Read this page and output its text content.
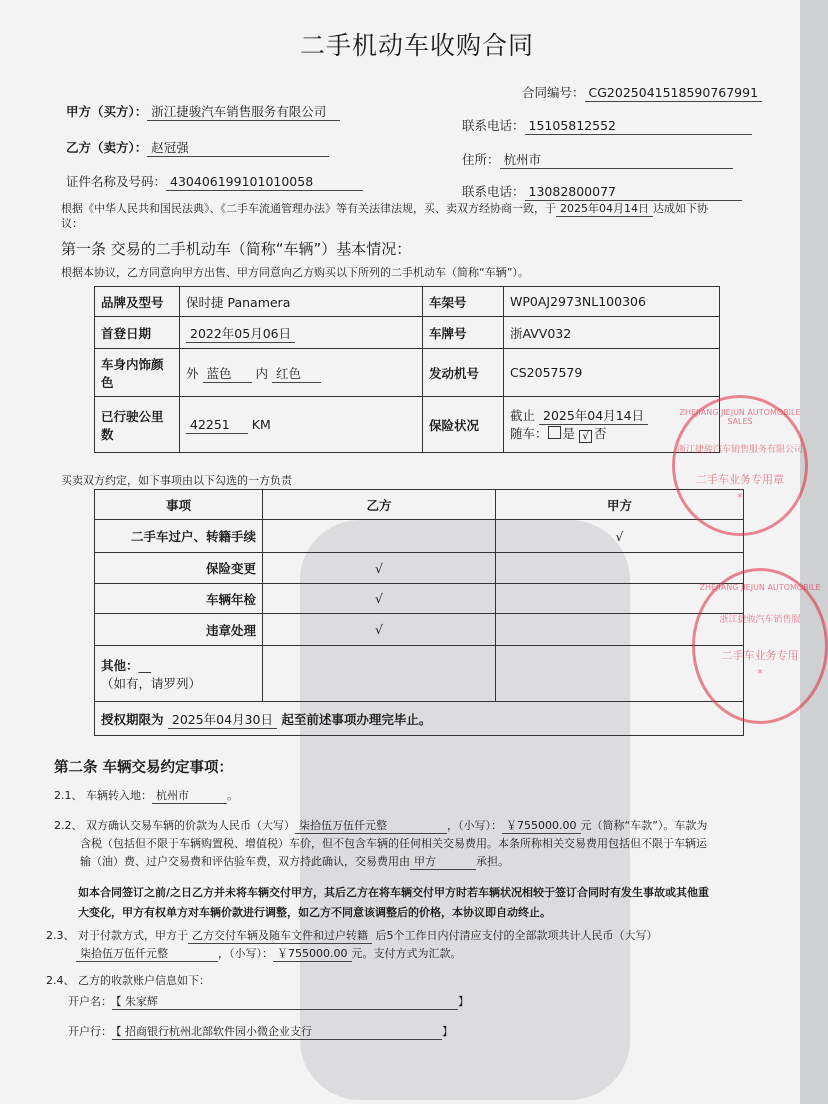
二手机动车收购合同
合同编号： CG2025041518590767991
甲方（买方）： 浙江捷骏汽车销售服务有限公司
联系电话： 15105812552
乙方（卖方）： 赵冠强
住所： 杭州市
证件名称及号码： 430406199101010058
联系电话： 13082800077
根据《中华人民共和国民法典》、《二手车流通管理办法》等有关法律法规，买、卖双方经协商一致，于 2025年04月14日 达成如下协
议：
第一条 交易的二手机动车（简称“车辆”）基本情况：
根据本协议，乙方同意向甲方出售、甲方同意向乙方购买以下所列的二手机动车（简称“车辆”）。
品牌及型号	保时捷 Panamera	车架号	WP0AJ2973NL100306
首登日期	2022年05月06日	车牌号	浙AVV032
车身内饰颜色	外 蓝色 内 红色	发动机号	CS2057579
已行驶公里数	42251 KM	保险状况	截止 2025年04月14日
随车： 是 √ 否
买卖双方约定，如下事项由以下勾选的一方负责
事项	乙方	甲方
二手车过户、转籍手续		√
保险变更	√	
车辆年检	√	
违章处理	√	

其他：__
（如有，请罗列）		

授权期限为 2025年04月30日 起至前述事项办理完毕止。		
第二条 车辆交易约定事项：
2.1、 车辆转入地： 杭州市	。
2.2、 双方确认交易车辆的价款为人民币（大写） 柒拾伍万伍仟元整	，（小写）： ￥755000.00 元（简称“车款”）。车款为
含税（包括但不限于车辆购置税、增值税）车价，但不包含车辆的任何相关交易费用。本条所称相关交易费用包括但不限于车辆运
输（油）费、过户交易费和评估验车费，双方持此确认，交易费用由 甲方	承担。
如本合同签订之前/之日乙方并未将车辆交付甲方，其后乙方在将车辆交付甲方时若车辆状况相较于签订合同时有发生事故或其他重
大变化，甲方有权单方对车辆价款进行调整，如乙方不同意该调整后的价格，本协议即自动终止。
2.3、 对于付款方式，甲方于 乙方交付车辆及随车文件和过户转籍 后5个工作日内付清应支付的全部款项共计人民币（大写）
柒拾伍万伍仟元整	，（小写）： ￥755000.00 元。支付方式为汇款。
2.4、 乙方的收款账户信息如下：
开户名： 【 朱家辉	】
开户行： 【 招商银行杭州北部软件园小微企业支行	】
ZHEJIANG JIEJUN AUTOMOBILE SALES
浙江捷骏汽车销售服务有限公司
二手车业务专用章
*
ZHEJIANG JIEJUN AUTOMOBILE
浙江捷骏汽车销售服
二手车业务专用
*
